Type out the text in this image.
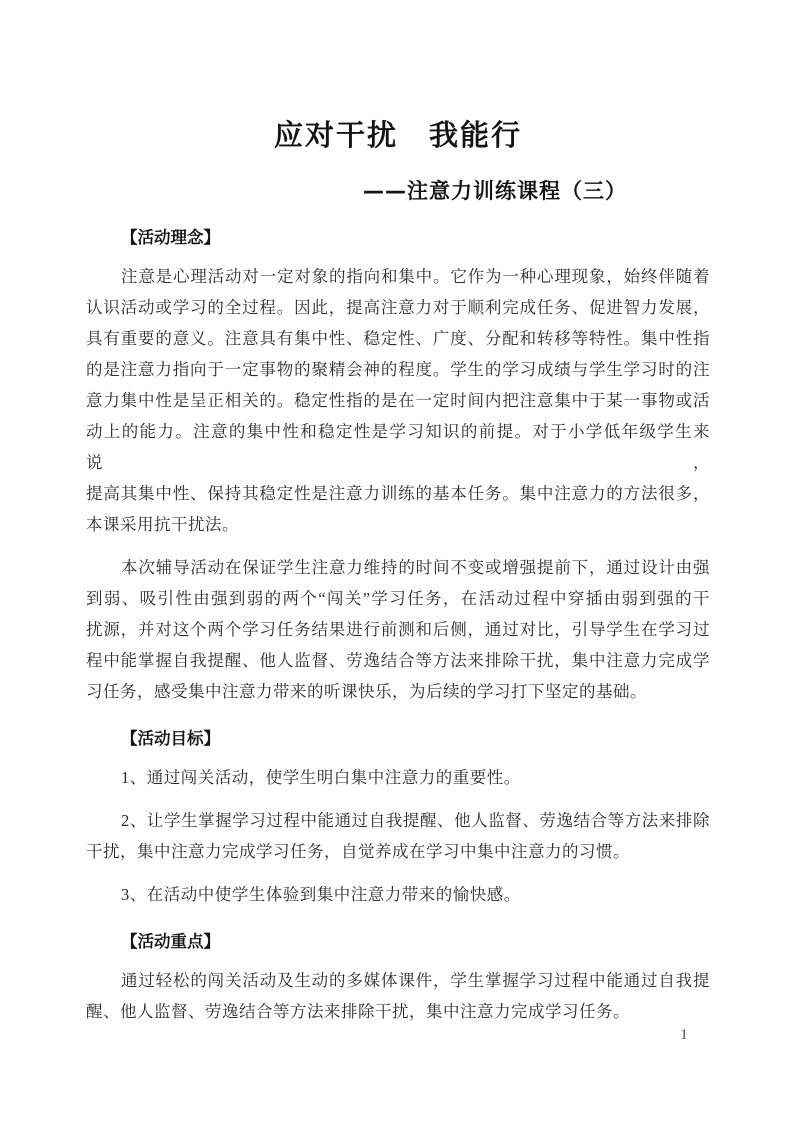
应对干扰　我能行
——注意力训练课程（三）
【活动理念】
注意是心理活动对一定对象的指向和集中。它作为一种心理现象，始终伴随着
认识活动或学习的全过程。因此，提高注意力对于顺利完成任务、促进智力发展，
具有重要的意义。注意具有集中性、稳定性、广度、分配和转移等特性。集中性指
的是注意力指向于一定事物的聚精会神的程度。学生的学习成绩与学生学习时的注
意力集中性是呈正相关的。稳定性指的是在一定时间内把注意集中于某一事物或活
动上的能力。注意的集中性和稳定性是学习知识的前提。对于小学低年级学生来说，
提高其集中性、保持其稳定性是注意力训练的基本任务。集中注意力的方法很多，
本课采用抗干扰法。
本次辅导活动在保证学生注意力维持的时间不变或增强提前下，通过设计由强
到弱、吸引性由强到弱的两个“闯关”学习任务，在活动过程中穿插由弱到强的干
扰源，并对这个两个学习任务结果进行前测和后侧，通过对比，引导学生在学习过
程中能掌握自我提醒、他人监督、劳逸结合等方法来排除干扰，集中注意力完成学
习任务，感受集中注意力带来的听课快乐，为后续的学习打下坚定的基础。
【活动目标】
1、通过闯关活动，使学生明白集中注意力的重要性。
2、让学生掌握学习过程中能通过自我提醒、他人监督、劳逸结合等方法来排除
干扰，集中注意力完成学习任务，自觉养成在学习中集中注意力的习惯。
3、在活动中使学生体验到集中注意力带来的愉快感。
【活动重点】
通过轻松的闯关活动及生动的多媒体课件，学生掌握学习过程中能通过自我提
醒、他人监督、劳逸结合等方法来排除干扰，集中注意力完成学习任务。
1
